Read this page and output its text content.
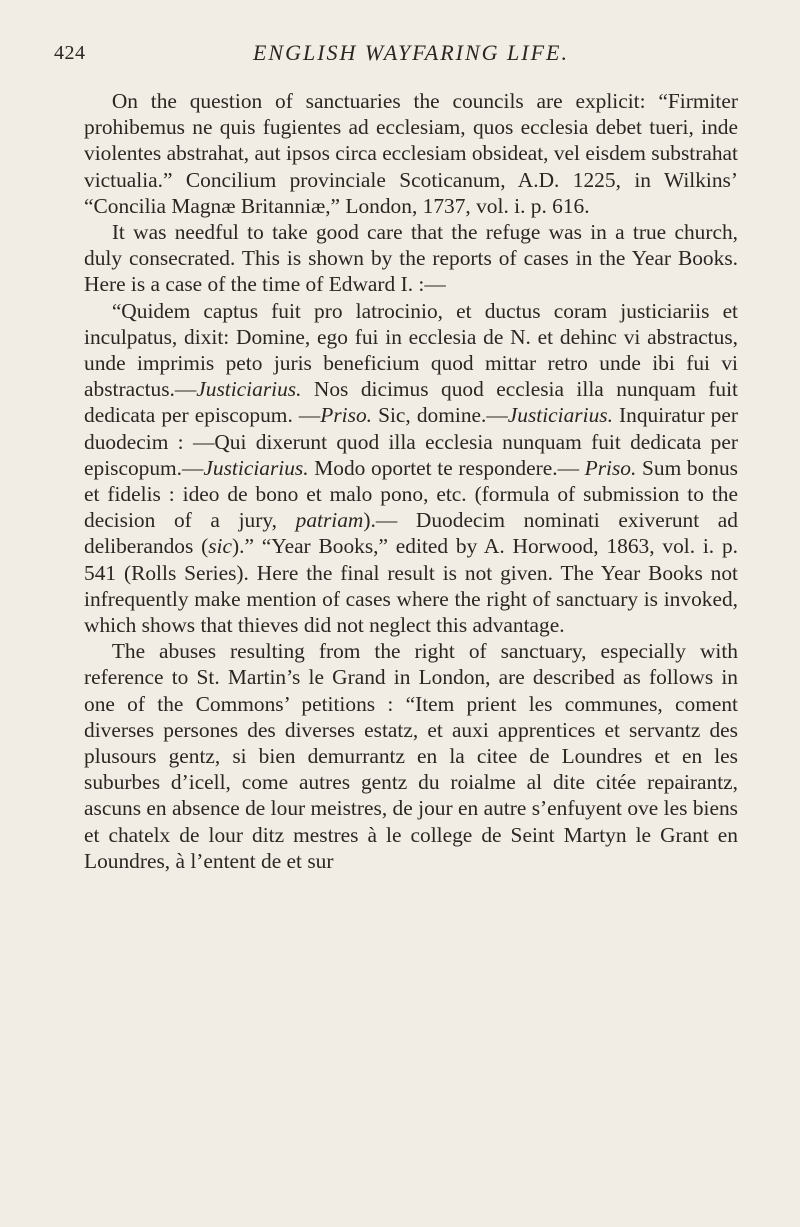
424	ENGLISH WAYFARING LIFE.

On the question of sanctuaries the councils are explicit: “Firmiter prohibemus ne quis fugientes ad ecclesiam, quos ecclesia debet tueri, inde violentes abstrahat, aut ipsos circa ecclesiam obsideat, vel eisdem substrahat victualia.” Concilium provinciale Scoticanum, A.D. 1225, in Wilkins’ “Concilia Magnæ Britanniæ,” London, 1737, vol. i. p. 616.

It was needful to take good care that the refuge was in a true church, duly consecrated. This is shown by the reports of cases in the Year Books. Here is a case of the time of Edward I. :—

“Quidem captus fuit pro latrocinio, et ductus coram justiciariis et inculpatus, dixit: Domine, ego fui in ecclesia de N. et dehinc vi abstractus, unde imprimis peto juris beneficium quod mittar retro unde ibi fui vi abstractus.—Justiciarius. Nos dicimus quod ecclesia illa nunquam fuit dedicata per episcopum. —Priso. Sic, domine.—Justiciarius. Inquiratur per duodecim : —Qui dixerunt quod illa ecclesia nunquam fuit dedicata per episcopum.—Justiciarius. Modo oportet te respondere.— Priso. Sum bonus et fidelis : ideo de bono et malo pono, etc. (formula of submission to the decision of a jury, patriam).— Duodecim nominati exiverunt ad deliberandos (sic).” “Year Books,” edited by A. Horwood, 1863, vol. i. p. 541 (Rolls Series). Here the final result is not given. The Year Books not infrequently make mention of cases where the right of sanctuary is invoked, which shows that thieves did not neglect this advantage.

The abuses resulting from the right of sanctuary, especially with reference to St. Martin’s le Grand in London, are described as follows in one of the Commons’ petitions : “Item prient les communes, coment diverses persones des diverses estatz, et auxi apprentices et servantz des plusours gentz, si bien demurrantz en la citee de Loundres et en les suburbes d’icell, come autres gentz du roialme al dite citée repairantz, ascuns en absence de lour meistres, de jour en autre s’enfuyent ove les biens et chatelx de lour ditz mestres à le college de Seint Martyn le Grant en Loundres, à l’entent de et sur
